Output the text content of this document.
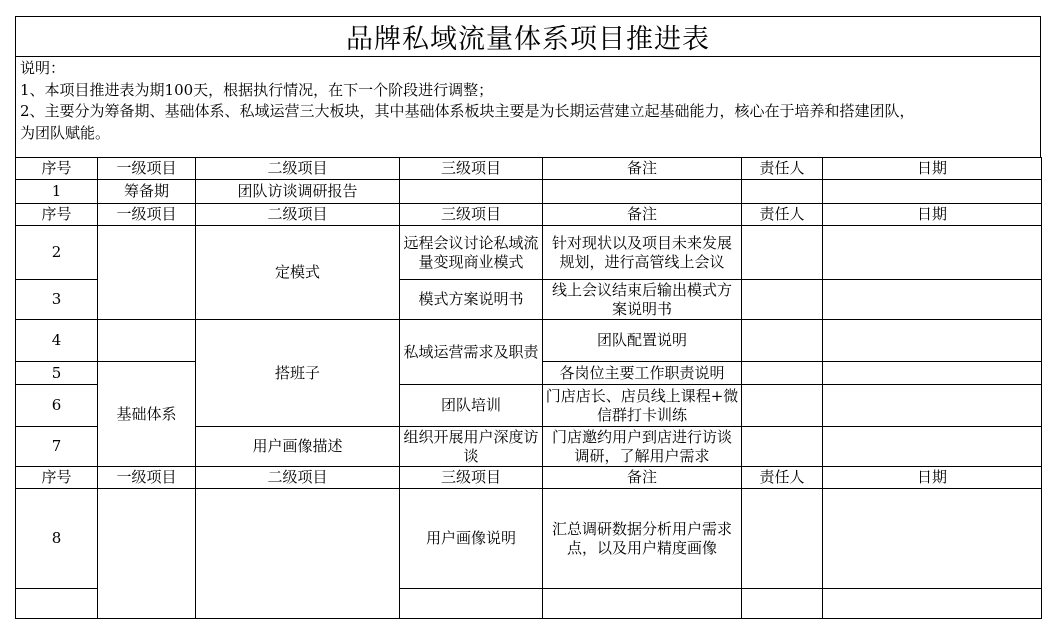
品牌私域流量体系项目推进表
说明：
1、本项目推进表为期100天，根据执行情况，在下一个阶段进行调整；
2、主要分为筹备期、基础体系、私域运营三大板块，其中基础体系板块主要是为长期运营建立起基础能力，核心在于培养和搭建团队，
为团队赋能。
序号	一级项目	二级项目	三级项目	备注	责任人	日期
1	筹备期	团队访谈调研报告				
序号	一级项目	二级项目	三级项目	备注	责任人	日期
2		定模式	远程会议讨论私域流量变现商业模式	针对现状以及项目未来发展规划，进行高管线上会议		
3			模式方案说明书	线上会议结束后输出模式方案说明书		
4		搭班子	私域运营需求及职责	团队配置说明		
5	基础体系			各岗位主要工作职责说明		
6			团队培训	门店店长、店员线上课程+微信群打卡训练		
7		用户画像描述	组织开展用户深度访谈	门店邀约用户到店进行访谈调研，了解用户需求		
序号	一级项目	二级项目	三级项目	备注	责任人	日期
8			用户画像说明	汇总调研数据分析用户需求点，以及用户精度画像		
